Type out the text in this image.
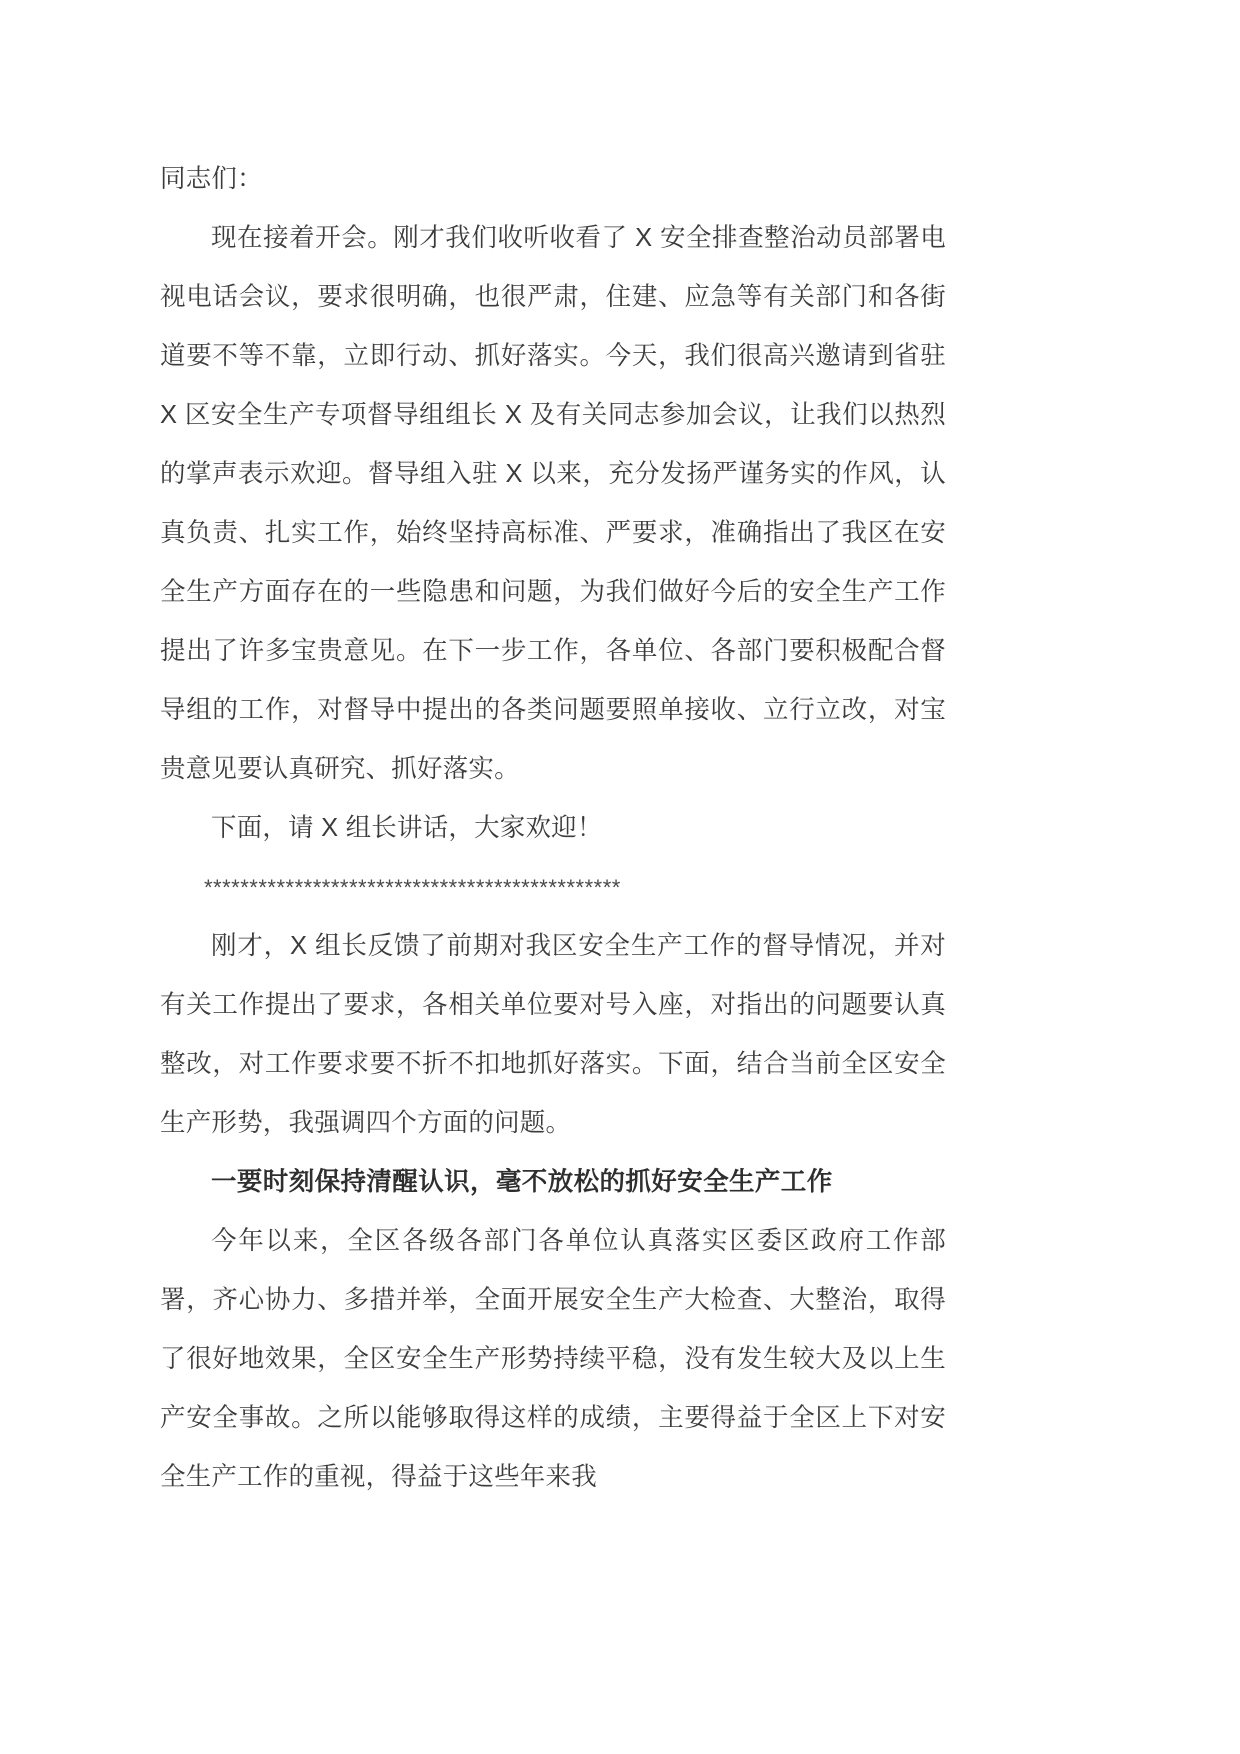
同志们：

现在接着开会。刚才我们收听收看了 X 安全排查整治动员部署电视电话会议，要求很明确，也很严肃，住建、应急等有关部门和各街道要不等不靠，立即行动、抓好落实。今天，我们很高兴邀请到省驻 X 区安全生产专项督导组组长 X 及有关同志参加会议，让我们以热烈的掌声表示欢迎。督导组入驻 X 以来，充分发扬严谨务实的作风，认真负责、扎实工作，始终坚持高标准、严要求，准确指出了我区在安全生产方面存在的一些隐患和问题，为我们做好今后的安全生产工作提出了许多宝贵意见。在下一步工作，各单位、各部门要积极配合督导组的工作，对督导中提出的各类问题要照单接收、立行立改，对宝贵意见要认真研究、抓好落实。

下面，请 X 组长讲话，大家欢迎！

**********************************************

刚才，X 组长反馈了前期对我区安全生产工作的督导情况，并对有关工作提出了要求，各相关单位要对号入座，对指出的问题要认真整改，对工作要求要不折不扣地抓好落实。下面，结合当前全区安全生产形势，我强调四个方面的问题。

一要时刻保持清醒认识，毫不放松的抓好安全生产工作

今年以来，全区各级各部门各单位认真落实区委区政府工作部署，齐心协力、多措并举，全面开展安全生产大检查、大整治，取得了很好地效果，全区安全生产形势持续平稳，没有发生较大及以上生产安全事故。之所以能够取得这样的成绩，主要得益于全区上下对安全生产工作的重视，得益于这些年来我
